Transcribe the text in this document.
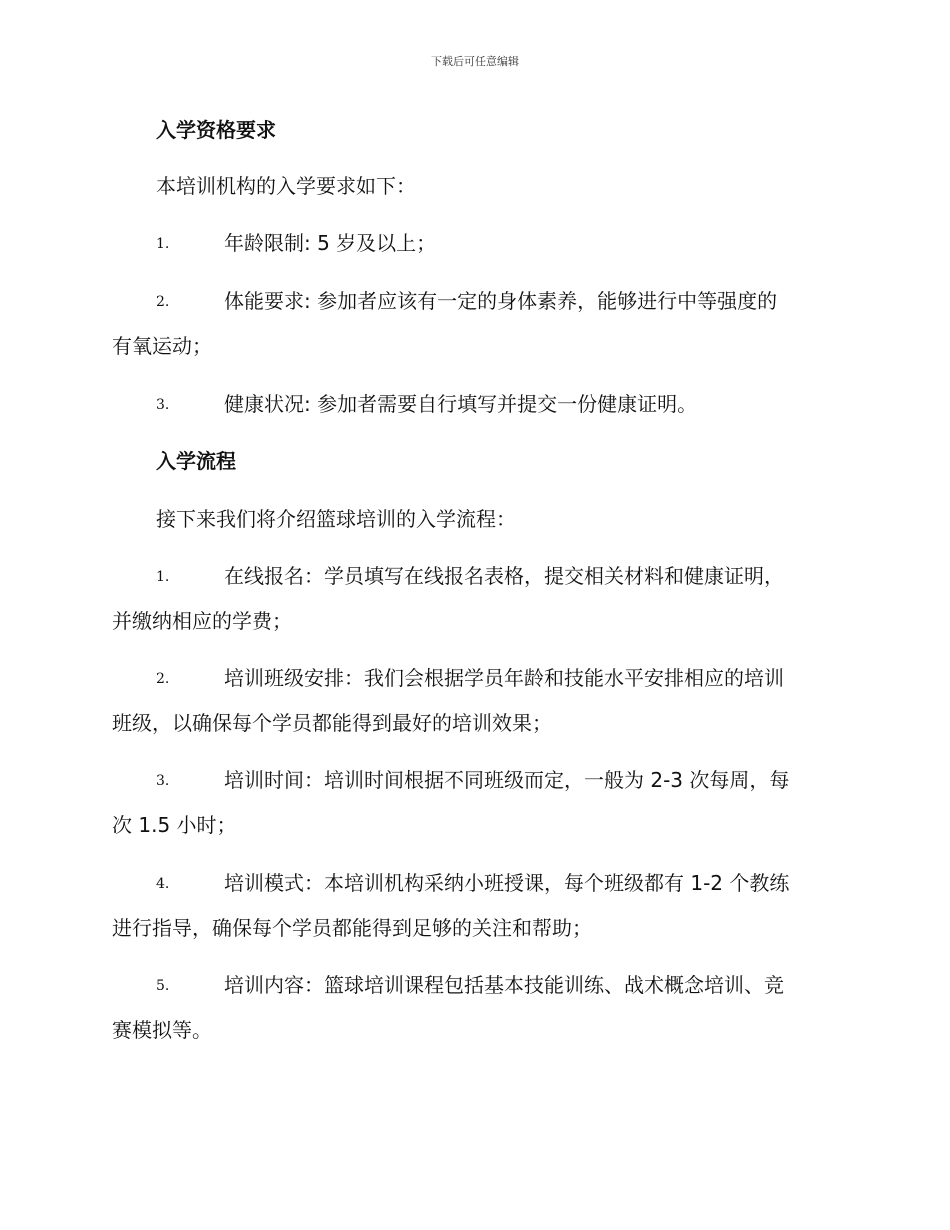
下载后可任意编辑
入学资格要求
本培训机构的入学要求如下：
1.	年龄限制: 5 岁及以上；
2.	体能要求: 参加者应该有一定的身体素养，能够进行中等强度的
有氧运动；
3.	健康状况: 参加者需要自行填写并提交一份健康证明。
入学流程
接下来我们将介绍篮球培训的入学流程：
1.	在线报名：学员填写在线报名表格，提交相关材料和健康证明，
并缴纳相应的学费；
2.	培训班级安排：我们会根据学员年龄和技能水平安排相应的培训
班级，以确保每个学员都能得到最好的培训效果；
3.	培训时间：培训时间根据不同班级而定，一般为 2-3 次每周，每
次 1.5 小时；
4.	培训模式：本培训机构采纳小班授课，每个班级都有 1-2 个教练
进行指导，确保每个学员都能得到足够的关注和帮助；
5.	培训内容：篮球培训课程包括基本技能训练、战术概念培训、竞
赛模拟等。
